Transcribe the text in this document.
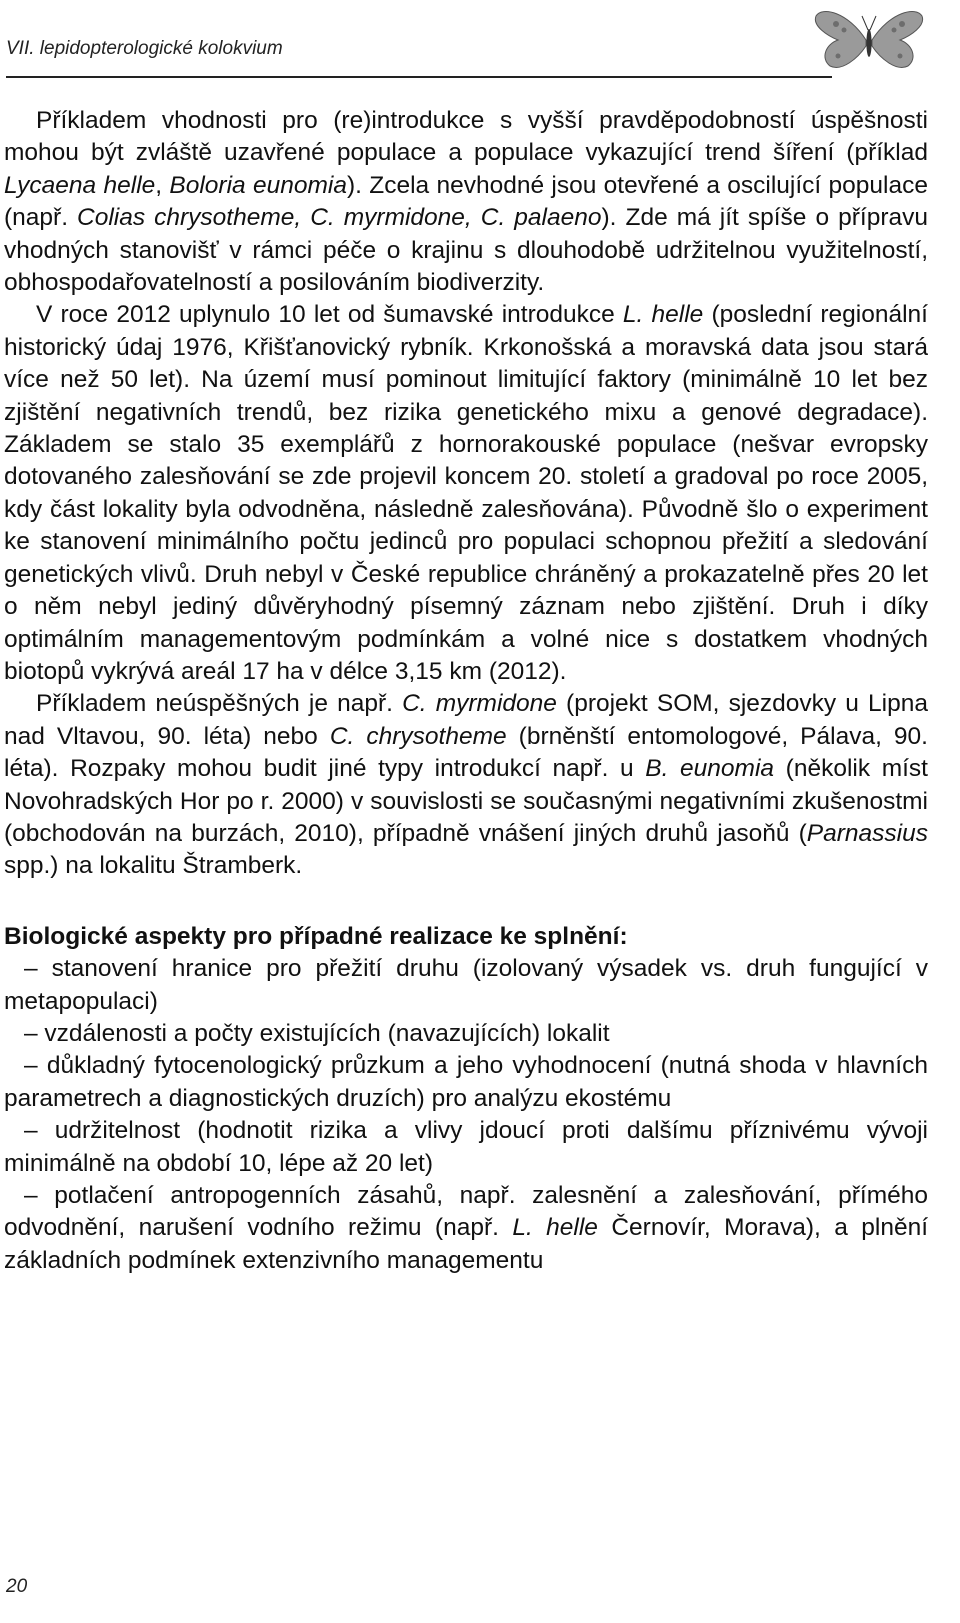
VII. lepidopterologické kolokvium

Příkladem vhodnosti pro (re)introdukce s vyšší pravděpodobností úspěšnosti mohou být zvláště uzavřené populace a populace vykazující trend šíření (příklad Lycaena helle, Boloria eunomia). Zcela nevhodné jsou otevřené a oscilující populace (např. Colias chrysotheme, C. myrmidone, C. palaeno). Zde má jít spíše o přípravu vhodných stanovišť v rámci péče o krajinu s dlouhodobě udržitelnou využitelností, obhospodařovatelností a posilováním biodiverzity.

V roce 2012 uplynulo 10 let od šumavské introdukce L. helle (poslední regionální historický údaj 1976, Křišťanovický rybník. Krkonošská a moravská data jsou stará více než 50 let). Na území musí pominout limitující faktory (minimálně 10 let bez zjištění negativních trendů, bez rizika genetického mixu a genové degradace). Základem se stalo 35 exemplářů z hornorakouské populace (nešvar evropsky dotovaného zalesňování se zde projevil koncem 20. století a gradoval po roce 2005, kdy část lokality byla odvodněna, následně zalesňována). Původně šlo o experiment ke stanovení minimálního počtu jedinců pro populaci schopnou přežití a sledování genetických vlivů. Druh nebyl v České republice chráněný a prokazatelně přes 20 let o něm nebyl jediný důvěryhodný písemný záznam nebo zjištění. Druh i díky optimálním managementovým podmínkám a volné nice s dostatkem vhodných biotopů vykrývá areál 17 ha v délce 3,15 km (2012).

Příkladem neúspěšných je např. C. myrmidone (projekt SOM, sjezdovky u Lipna nad Vltavou, 90. léta) nebo C. chrysotheme (brněnští entomologové, Pálava, 90. léta). Rozpaky mohou budit jiné typy introdukcí např. u B. eunomia (několik míst Novohradských Hor po r. 2000) v souvislosti se současnými negativními zkušenostmi (obchodován na burzách, 2010), případně vnášení jiných druhů jasoňů (Parnassius spp.) na lokalitu Štramberk.

Biologické aspekty pro případné realizace ke splnění:

– stanovení hranice pro přežití druhu (izolovaný výsadek vs. druh fungující v metapopulaci)

– vzdálenosti a počty existujících (navazujících) lokalit

– důkladný fytocenologický průzkum a jeho vyhodnocení (nutná shoda v hlavních parametrech a diagnostických druzích) pro analýzu ekostému

– udržitelnost (hodnotit rizika a vlivy jdoucí proti dalšímu příznivému vývoji minimálně na období 10, lépe až 20 let)

– potlačení antropogenních zásahů, např. zalesnění a zalesňování, přímého odvodnění, narušení vodního režimu (např. L. helle Černovír, Morava), a plnění základních podmínek extenzivního managementu

20
